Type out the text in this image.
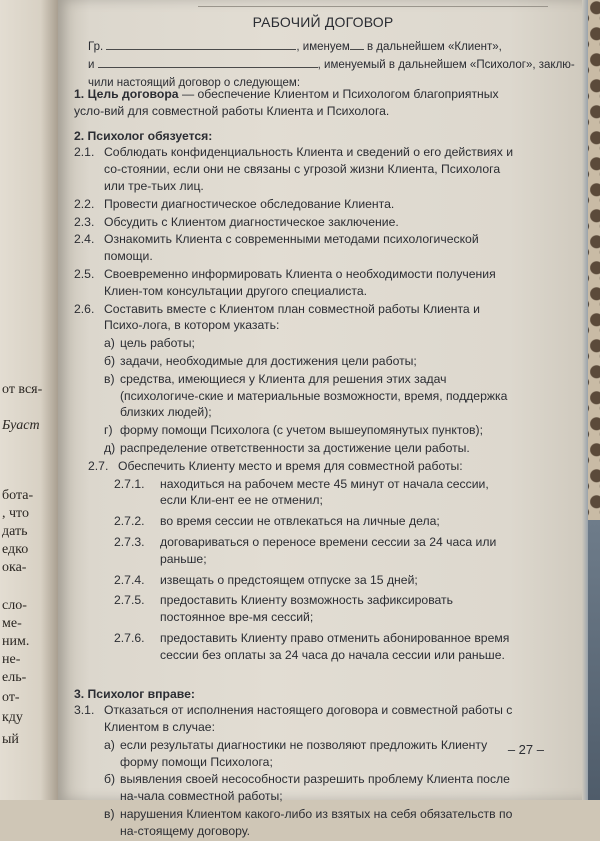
от вся-
Буаст
бота-
, что
дать
едко
ока-
сло-
ме-
ним.
не-
ель-
от-
кду
ый
РАБОЧИЙ ДОГОВОР
Гр.	, именуем в дальнейшем «Клиент»,
и	, именуемый в дальнейшем «Психолог», заклю-
чили настоящий договор о следующем:
1. Цель договора — обеспечение Клиентом и Психологом благоприятных усло-вий для совместной работы Клиента и Психолога.
2. Психолог обязуется:
2.1. Соблюдать конфиденциальность Клиента и сведений о его действиях и со-стоянии, если они не связаны с угрозой жизни Клиента, Психолога или тре-тьих лиц.
2.2. Провести диагностическое обследование Клиента.
2.3. Обсудить с Клиентом диагностическое заключение.
2.4. Ознакомить Клиента с современными методами психологической помощи.
2.5. Своевременно информировать Клиента о необходимости получения Клиен-том консультации другого специалиста.
2.6. Составить вместе с Клиентом план совместной работы Клиента и Психо-лога, в котором указать:
а) цель работы;
б) задачи, необходимые для достижения цели работы;
в) средства, имеющиеся у Клиента для решения этих задач (психологиче-ские и материальные возможности, время, поддержка близких людей);
г) форму помощи Психолога (с учетом вышеупомянутых пунктов);
д) распределение ответственности за достижение цели работы.
2.7. Обеспечить Клиенту место и время для совместной работы:
2.7.1.	находиться на рабочем месте 45 минут от начала сессии, если Кли-ент ее не отменил;
2.7.2.	во время сессии не отвлекаться на личные дела;
2.7.3.	договариваться о переносе времени сессии за 24 часа или раньше;
2.7.4.	извещать о предстоящем отпуске за 15 дней;
2.7.5.	предоставить Клиенту возможность зафиксировать постоянное вре-мя сессий;
2.7.6.	предоставить Клиенту право отменить абонированное время сессии без оплаты за 24 часа до начала сессии или раньше.
3. Психолог вправе:
3.1. Отказаться от исполнения настоящего договора и совместной работы с Клиентом в случае:
а) если результаты диагностики не позволяют предложить Клиенту форму помощи Психолога;
б) выявления своей несособности разрешить проблему Клиента после на-чала совместной работы;
в) нарушения Клиентом какого-либо из взятых на себя обязательств по на-стоящему договору.
– 27 –
